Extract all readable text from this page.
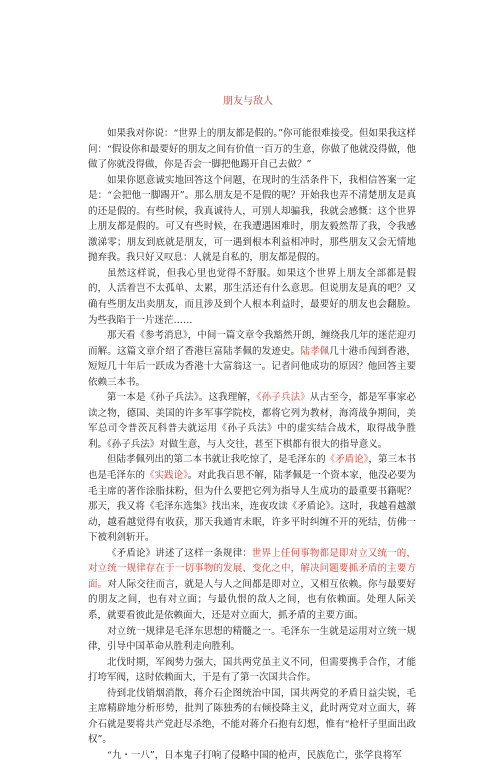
朋友与敌人

如果我对你说：“世界上的朋友都是假的。”你可能很难接受。但如果我这样问：“假设你和最要好的朋友之间有价值一百万的生意，你做了他就没得做，他做了你就没得做，你是否会一脚把他踢开自己去做？”

如果你愿意诚实地回答这个问题，在现时的生活条件下，我相信答案一定是：“会把他一脚踢开”。那么朋友是不是假的呢？开始我也弄不清楚朋友是真的还是假的。有些时候，我真诚待人，可别人却骗我，我就会感慨：这个世界上朋友都是假的。可又有些时候，在我遭遇困难时，朋友毅然帮了我，令我感激涕零；朋友到底就是朋友，可一遇到根本利益相冲时，那些朋友又会无情地抛弃我。我只好又叹息：人就是自私的，朋友都是假的。

虽然这样说，但我心里也觉得不舒服。如果这个世界上朋友全部都是假的，人活着岂不太孤单、太累，那生活还有什么意思。但说朋友是真的吧？又确有些朋友出卖朋友，而且涉及到个人根本利益时，最要好的朋友也会翻脸。为些我陷于一片迷茫……

那天看《参考消息》，中间一篇文章令我豁然开朗，缠绕我几年的迷茫迎刃而解。这篇文章介绍了香港巨富陆孝佩的发迹史。陆孝佩几十港币闯到香港，短短几十年后一跃成为香港十大富翁这一。记者问他成功的原因？他回答主要依赖三本书。

第一本是《孙子兵法》。这我理解，《孙子兵法》从古至今，都是军事家必读之物，德国、美国的许多军事学院校，都将它列为教材，海湾战争期间，美军总司令普茨瓦科普夫就运用《孙子兵法》中的虚实结合战术，取得战争胜利。《孙子兵法》对做生意，与人交往，甚至下棋都有很大的指导意义。

但陆孝佩列出的第二本书就让我吃惊了，是毛泽东的《矛盾论》，第三本书也是毛泽东的《实践论》。对此我百思不解，陆孝佩是一个资本家，他没必要为毛主席的著作涂脂抹粉，但为什么要把它列为指导人生成功的最重要书籍呢？那天，我又将《毛泽东选集》找出来，连夜攻读《矛盾论》。这时，我越看越激动，越看越觉得有收获，那天我通宵未眠，许多平时纠缠不开的死结，仿佛一下被利剑斩开。

《矛盾论》讲述了这样一条规律：世界上任何事物都是即对立又统一的，对立统一规律存在于一切事物的发展、变化之中，解决问题要抓矛盾的主要方面。对人际交往而言，就是人与人之间都是即对立，又相互依赖。你与最要好的朋友之间，也有对立面；与最仇恨的敌人之间，也有依赖面。处理人际关系，就要看彼此是依赖面大，还是对立面大，抓矛盾的主要方面。

对立统一规律是毛泽东思想的精髓之一。毛泽东一生就是运用对立统一规律，引导中国革命从胜利走向胜利。

北伐时期，军阀势力强大，国共两党虽主义不同，但需要携手合作，才能打垮军阀，这时依赖面大，于是有了第一次国共合作。

待到北伐销烟消散，蒋介石企图统治中国，国共两党的矛盾日益尖锐，毛主席精辟地分析形势，批判了陈独秀的右倾投降主义，此时两党对立面大，蒋介石就是要将共产党赶尽杀绝，不能对蒋介石抱有幻想，惟有“枪杆子里面出政权”。

“九・一八”，日本鬼子打响了侵略中国的枪声，民族危亡，张学良将军
